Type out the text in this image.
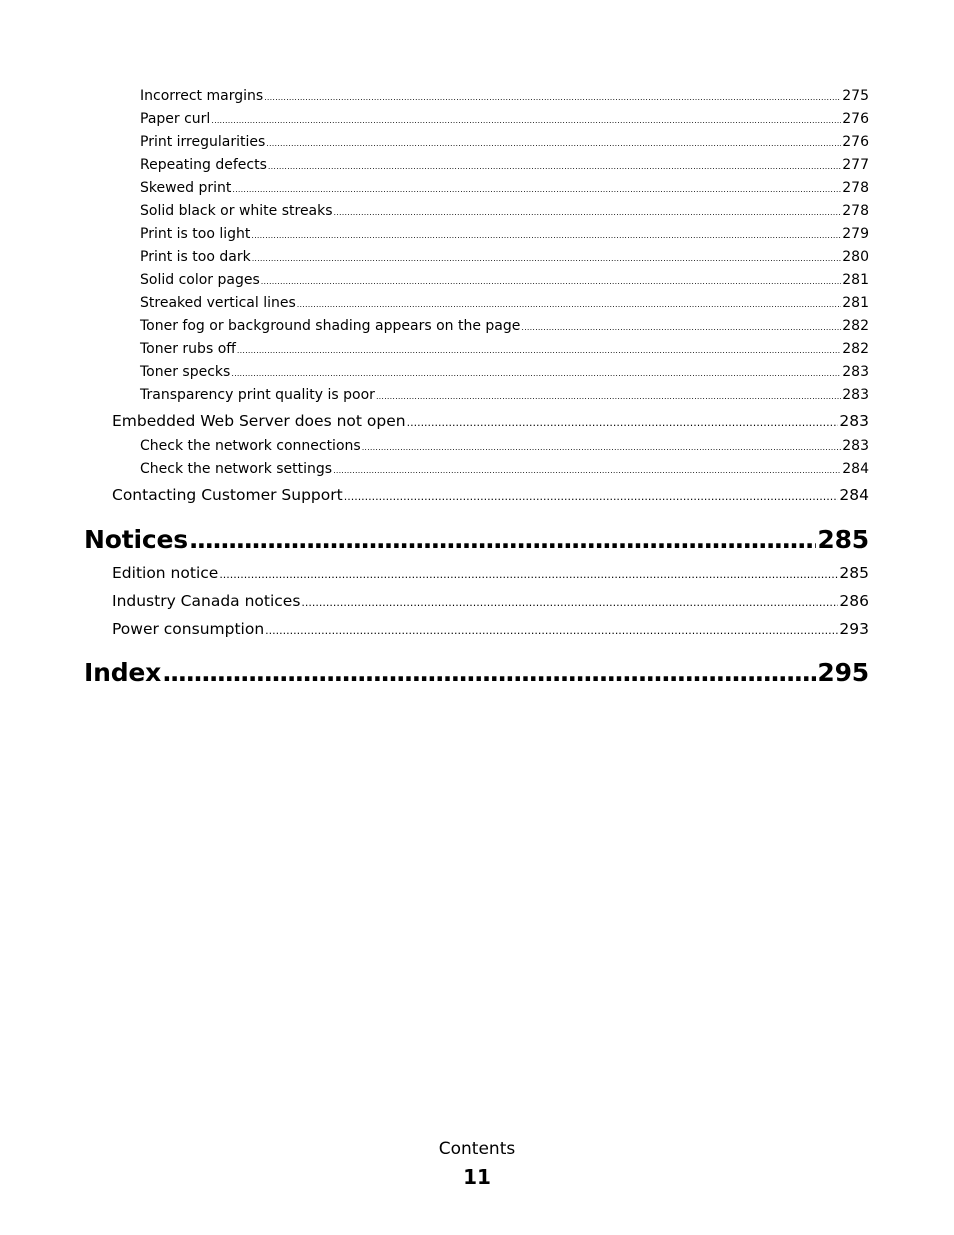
Incorrect margins .....	275
Paper curl .....	276
Print irregularities .....	276
Repeating defects .....	277
Skewed print .....	278
Solid black or white streaks .....	278
Print is too light .....	279
Print is too dark .....	280
Solid color pages .....	281
Streaked vertical lines .....	281
Toner fog or background shading appears on the page .....	282
Toner rubs off .....	282
Toner specks .....	283
Transparency print quality is poor .....	283
Embedded Web Server does not open .....	283
Check the network connections .....	283
Check the network settings .....	284
Contacting Customer Support .....	284
Notices .....	285
Edition notice .....	285
Industry Canada notices .....	286
Power consumption .....	293
Index .....	295
Contents
11
